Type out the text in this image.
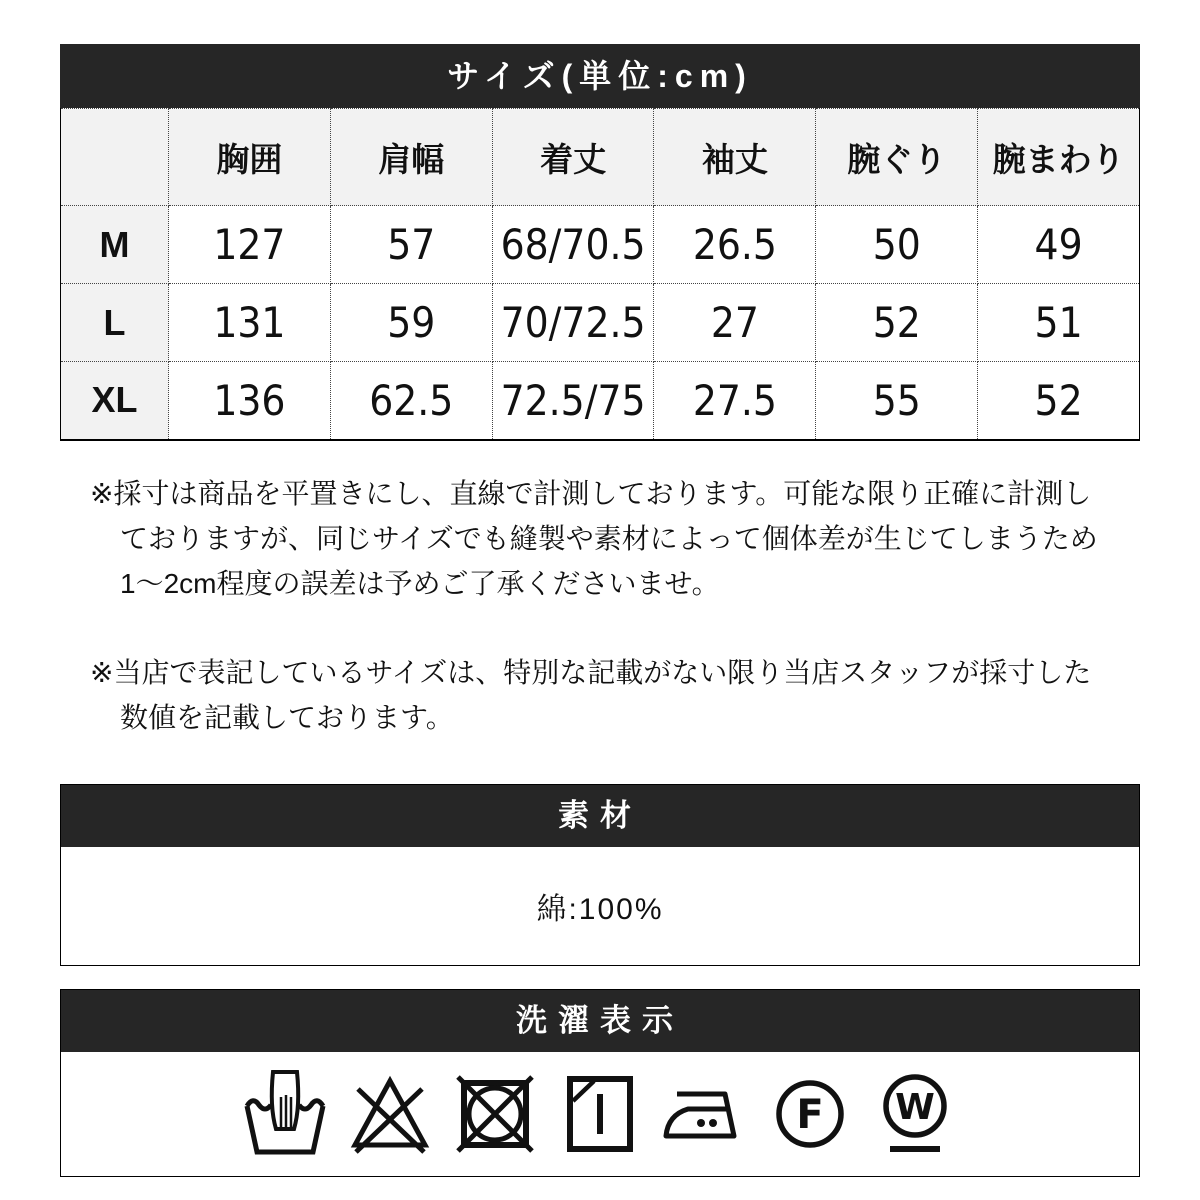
サイズ(単位:cm)
	胸囲	肩幅	着丈	袖丈	腕ぐり	腕まわり
M	127	57	68/70.5	26.5	50	49
L	131	59	70/72.5	27	52	51
XL	136	62.5	72.5/75	27.5	55	52

※採寸は商品を平置きにし、直線で計測しております。可能な限り正確に計測し
ておりますが、同じサイズでも縫製や素材によって個体差が生じてしまうため
1〜2cm程度の誤差は予めご了承くださいませ。

※当店で表記しているサイズは、特別な記載がない限り当店スタッフが採寸した
数値を記載しております。

素材
綿:100%
洗濯表示
F W
